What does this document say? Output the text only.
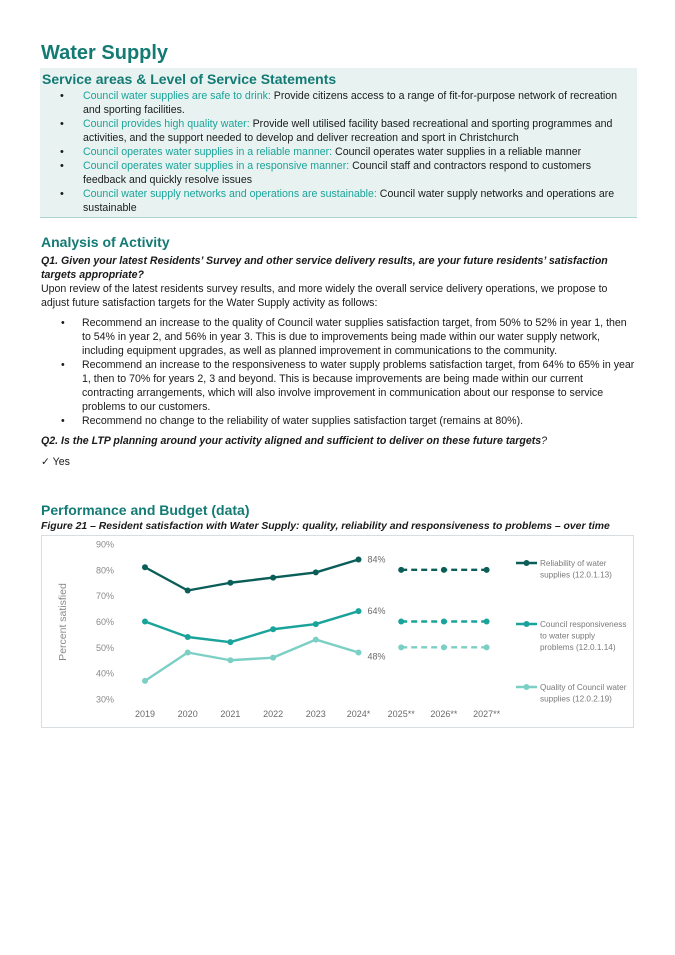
Water Supply
Service areas & Level of Service Statements
• Council water supplies are safe to drink: Provide citizens access to a range of fit-for-purpose network of recreation and sporting facilities.
• Council provides high quality water: Provide well utilised facility based recreational and sporting programmes and activities, and the support needed to develop and deliver recreation and sport in Christchurch
• Council operates water supplies in a reliable manner: Council operates water supplies in a reliable manner
• Council operates water supplies in a responsive manner: Council staff and contractors respond to customers feedback and quickly resolve issues
• Council water supply networks and operations are sustainable: Council water supply networks and operations are sustainable
Analysis of Activity

Q1. Given your latest Residents’ Survey and other service delivery results, are your future residents’ satisfaction targets appropriate?

Upon review of the latest residents survey results, and more widely the overall service delivery operations, we propose to adjust future satisfaction targets for the Water Supply activity as follows:

• Recommend an increase to the quality of Council water supplies satisfaction target, from 50% to 52% in year 1, then to 54% in year 2, and 56% in year 3. This is due to improvements being made within our water supply network, including equipment upgrades, as well as planned improvement in communications to the community.
• Recommend an increase to the responsiveness to water supply problems satisfaction target, from 64% to 65% in year 1, then to 70% for years 2, 3 and beyond. This is because improvements are being made within our current contracting arrangements, which will also involve improvement in communication about our response to service problems to our customers.
• Recommend no change to the reliability of water supplies satisfaction target (remains at 80%).

Q2. Is the LTP planning around your activity aligned and sufficient to deliver on these future targets?

✓ Yes

Performance and Budget (data)

Figure 21 – Resident satisfaction with Water Supply: quality, reliability and responsiveness to problems – over time

90%
80%
70%
60%
50%
40%
30%
Percent satisfied
2019	2020	2021	2022	2023 2024* 2025** 2026** 2027**
84%	Reliability of water
supplies (12.0.1.13)
64%
Council responsiveness
to water supply
problems (12.0.1.14)
48%
Quality of Council water
supplies (12.0.2.19)
